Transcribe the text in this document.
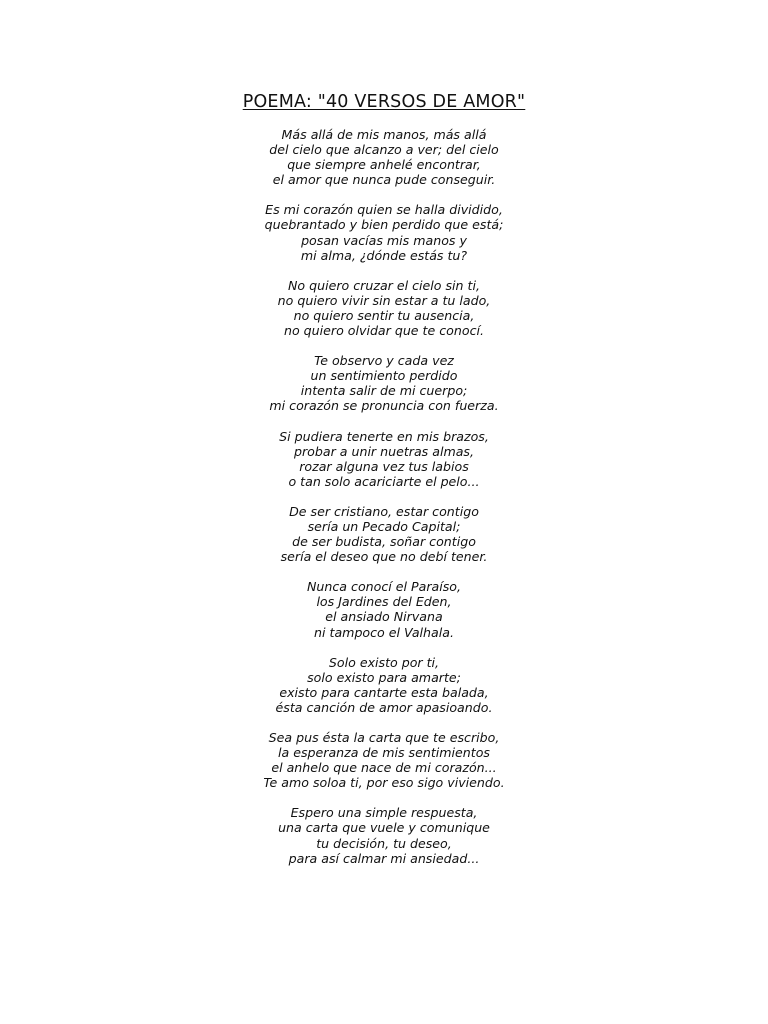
POEMA: "40 VERSOS DE AMOR"
Más allá de mis manos, más allá
del cielo que alcanzo a ver; del cielo
que siempre anhelé encontrar,
el amor que nunca pude conseguir.
Es mi corazón quien se halla dividido,
quebrantado y bien perdido que está;
posan vacías mis manos y
mi alma, ¿dónde estás tu?
No quiero cruzar el cielo sin ti,
no quiero vivir sin estar a tu lado,
no quiero sentir tu ausencia,
no quiero olvidar que te conocí.
Te observo y cada vez
un sentimiento perdido
intenta salir de mi cuerpo;
mi corazón se pronuncia con fuerza.
Si pudiera tenerte en mis brazos,
probar a unir nuetras almas,
rozar alguna vez tus labios
o tan solo acariciarte el pelo...
De ser cristiano, estar contigo
sería un Pecado Capital;
de ser budista, soñar contigo
sería el deseo que no debí tener.
Nunca conocí el Paraíso,
los Jardines del Eden,
el ansiado Nirvana
ni tampoco el Valhala.
Solo existo por ti,
solo existo para amarte;
existo para cantarte esta balada,
ésta canción de amor apasioando.
Sea pus ésta la carta que te escribo,
la esperanza de mis sentimientos
el anhelo que nace de mi corazón...
Te amo soloa ti, por eso sigo viviendo.
Espero una simple respuesta,
una carta que vuele y comunique
tu decisión, tu deseo,
para así calmar mi ansiedad...
